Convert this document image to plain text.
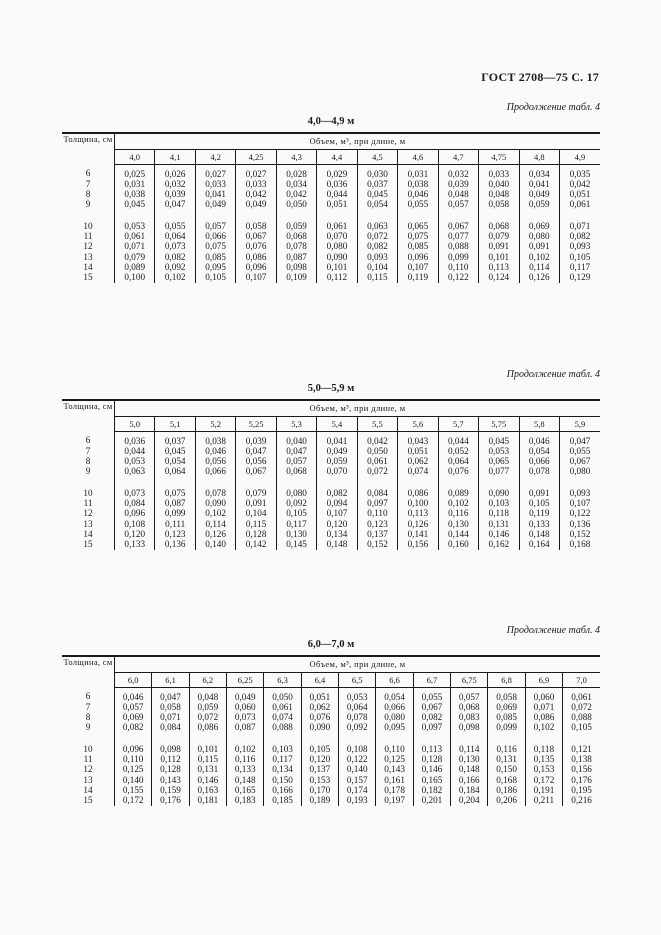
ГОСТ 2708—75 С. 17
Продолжение табл. 4
4,0—4,9 м
Толщина, см	Объем, м³, при длине, м											
	4,0	4,1	4,2	4,25	4,3	4,4	4,5	4,6	4,7	4,75	4,8	4,9
6	0,025	0,026	0,027	0,027	0,028	0,029	0,030	0,031	0,032	0,033	0,034	0,035
7	0,031	0,032	0,033	0,033	0,034	0,036	0,037	0,038	0,039	0,040	0,041	0,042
8	0,038	0,039	0,041	0,042	0,042	0,044	0,045	0,046	0,048	0,048	0,049	0,051
9	0,045	0,047	0,049	0,049	0,050	0,051	0,054	0,055	0,057	0,058	0,059	0,061

10	0,053	0,055	0,057	0,058	0,059	0,061	0,063	0,065	0,067	0,068	0,069	0,071
11	0,061	0,064	0,066	0,067	0,068	0,070	0,072	0,075	0,077	0,079	0,080	0,082
12	0,071	0,073	0,075	0,076	0,078	0,080	0,082	0,085	0,088	0,091	0,091	0,093
13	0,079	0,082	0,085	0,086	0,087	0,090	0,093	0,096	0,099	0,101	0,102	0,105
14	0,089	0,092	0,095	0,096	0,098	0,101	0,104	0,107	0,110	0,113	0,114	0,117
15	0,100	0,102	0,105	0,107	0,109	0,112	0,115	0,119	0,122	0,124	0,126	0,129
Продолжение табл. 4
5,0—5,9 м
Толщина, см	Объем, м³, при длине, м											
	5,0	5,1	5,2	5,25	5,3	5,4	5,5	5,6	5,7	5,75	5,8	5,9
6	0,036	0,037	0,038	0,039	0,040	0,041	0,042	0,043	0,044	0,045	0,046	0,047
7	0,044	0,045	0,046	0,047	0,047	0,049	0,050	0,051	0,052	0,053	0,054	0,055
8	0,053	0,054	0,056	0,056	0,057	0,059	0,061	0,062	0,064	0,065	0,066	0,067
9	0,063	0,064	0,066	0,067	0,068	0,070	0,072	0,074	0,076	0,077	0,078	0,080

10	0,073	0,075	0,078	0,079	0,080	0,082	0,084	0,086	0,089	0,090	0,091	0,093
11	0,084	0,087	0,090	0,091	0,092	0,094	0,097	0,100	0,102	0,103	0,105	0,107
12	0,096	0,099	0,102	0,104	0,105	0,107	0,110	0,113	0,116	0,118	0,119	0,122
13	0,108	0,111	0,114	0,115	0,117	0,120	0,123	0,126	0,130	0,131	0,133	0,136
14	0,120	0,123	0,126	0,128	0,130	0,134	0,137	0,141	0,144	0,146	0,148	0,152
15	0,133	0,136	0,140	0,142	0,145	0,148	0,152	0,156	0,160	0,162	0,164	0,168
Продолжение табл. 4
6,0—7,0 м
Толщина, см	Объем, м³, при длине, м												
	6,0	6,1	6,2	6,25	6,3	6,4	6,5	6,6	6,7	6,75	6,8	6,9	7,0
6	0,046	0,047	0,048	0,049	0,050	0,051	0,053	0,054	0,055	0,057	0,058	0,060	0,061
7	0,057	0,058	0,059	0,060	0,061	0,062	0,064	0,066	0,067	0,068	0,069	0,071	0,072
8	0,069	0,071	0,072	0,073	0,074	0,076	0,078	0,080	0,082	0,083	0,085	0,086	0,088
9	0,082	0,084	0,086	0,087	0,088	0,090	0,092	0,095	0,097	0,098	0,099	0,102	0,105

10	0,096	0,098	0,101	0,102	0,103	0,105	0,108	0,110	0,113	0,114	0,116	0,118	0,121
11	0,110	0,112	0,115	0,116	0,117	0,120	0,122	0,125	0,128	0,130	0,131	0,135	0,138
12	0,125	0,128	0,131	0,133	0,134	0,137	0,140	0,143	0,146	0,148	0,150	0,153	0,156
13	0,140	0,143	0,146	0,148	0,150	0,153	0,157	0,161	0,165	0,166	0,168	0,172	0,176
14	0,155	0,159	0,163	0,165	0,166	0,170	0,174	0,178	0,182	0,184	0,186	0,191	0,195
15	0,172	0,176	0,181	0,183	0,185	0,189	0,193	0,197	0,201	0,204	0,206	0,211	0,216
